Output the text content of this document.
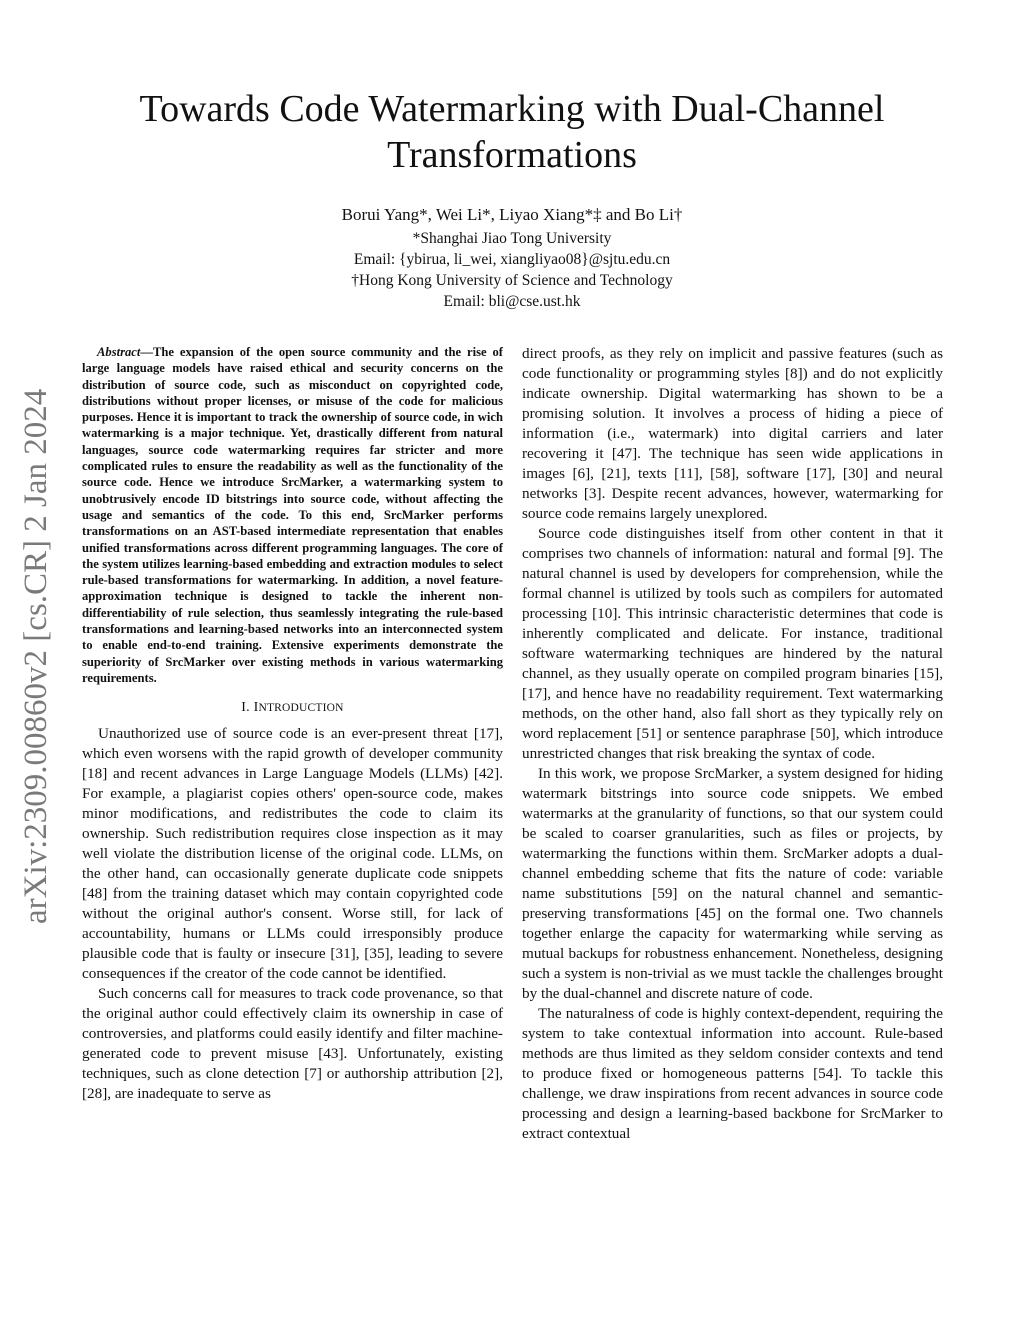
arXiv:2309.00860v2 [cs.CR] 2 Jan 2024
Towards Code Watermarking with Dual-Channel
Transformations
Borui Yang*, Wei Li*, Liyao Xiang*‡ and Bo Li†
*Shanghai Jiao Tong University
Email: {ybirua, li_wei, xiangliyao08}@sjtu.edu.cn
†Hong Kong University of Science and Technology
Email: bli@cse.ust.hk

Abstract—The expansion of the open source community and the rise of large language models have raised ethical and security concerns on the distribution of source code, such as misconduct on copyrighted code, distributions without proper licenses, or misuse of the code for malicious purposes. Hence it is important to track the ownership of source code, in wich watermarking is a major technique. Yet, drastically different from natural languages, source code watermarking requires far stricter and more complicated rules to ensure the readability as well as the functionality of the source code. Hence we introduce SrcMarker, a watermarking system to unobtrusively encode ID bitstrings into source code, without affecting the usage and semantics of the code. To this end, SrcMarker performs transformations on an AST-based intermediate representation that enables unified transformations across different programming languages. The core of the system utilizes learning-based embedding and extraction modules to select rule-based transformations for watermarking. In addition, a novel feature-approximation technique is designed to tackle the inherent non-differentiability of rule selection, thus seamlessly integrating the rule-based transformations and learning-based networks into an interconnected system to enable end-to-end training. Extensive experiments demonstrate the superiority of SrcMarker over existing methods in various watermarking requirements.

I. INTRODUCTION

Unauthorized use of source code is an ever-present threat [17], which even worsens with the rapid growth of developer community [18] and recent advances in Large Language Models (LLMs) [42]. For example, a plagiarist copies others' open-source code, makes minor modifications, and redistributes the code to claim its ownership. Such redistribution requires close inspection as it may well violate the distribution license of the original code. LLMs, on the other hand, can occasionally generate duplicate code snippets [48] from the training dataset which may contain copyrighted code without the original author's consent. Worse still, for lack of accountability, humans or LLMs could irresponsibly produce plausible code that is faulty or insecure [31], [35], leading to severe consequences if the creator of the code cannot be identified.

Such concerns call for measures to track code provenance, so that the original author could effectively claim its ownership in case of controversies, and platforms could easily identify and filter machine-generated code to prevent misuse [43]. Unfortunately, existing techniques, such as clone detection [7] or authorship attribution [2], [28], are inadequate to serve as

direct proofs, as they rely on implicit and passive features (such as code functionality or programming styles [8]) and do not explicitly indicate ownership. Digital watermarking has shown to be a promising solution. It involves a process of hiding a piece of information (i.e., watermark) into digital carriers and later recovering it [47]. The technique has seen wide applications in images [6], [21], texts [11], [58], software [17], [30] and neural networks [3]. Despite recent advances, however, watermarking for source code remains largely unexplored.

Source code distinguishes itself from other content in that it comprises two channels of information: natural and formal [9]. The natural channel is used by developers for comprehension, while the formal channel is utilized by tools such as compilers for automated processing [10]. This intrinsic characteristic determines that code is inherently complicated and delicate. For instance, traditional software watermarking techniques are hindered by the natural channel, as they usually operate on compiled program binaries [15], [17], and hence have no readability requirement. Text watermarking methods, on the other hand, also fall short as they typically rely on word replacement [51] or sentence paraphrase [50], which introduce unrestricted changes that risk breaking the syntax of code.

In this work, we propose SrcMarker, a system designed for hiding watermark bitstrings into source code snippets. We embed watermarks at the granularity of functions, so that our system could be scaled to coarser granularities, such as files or projects, by watermarking the functions within them. SrcMarker adopts a dual-channel embedding scheme that fits the nature of code: variable name substitutions [59] on the natural channel and semantic-preserving transformations [45] on the formal one. Two channels together enlarge the capacity for watermarking while serving as mutual backups for robustness enhancement. Nonetheless, designing such a system is non-trivial as we must tackle the challenges brought by the dual-channel and discrete nature of code.

The naturalness of code is highly context-dependent, requiring the system to take contextual information into account. Rule-based methods are thus limited as they seldom consider contexts and tend to produce fixed or homogeneous patterns [54]. To tackle this challenge, we draw inspirations from recent advances in source code processing and design a learning-based backbone for SrcMarker to extract contextual
